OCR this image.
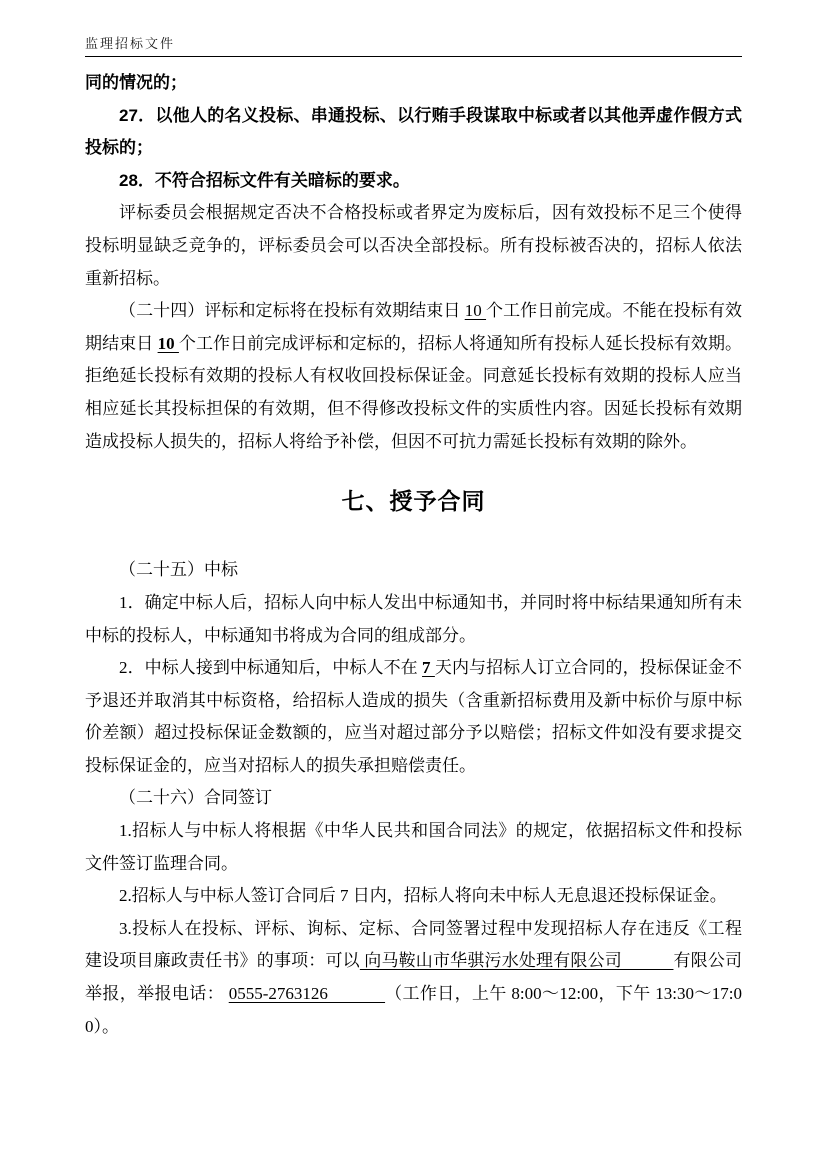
监理招标文件

同的情况的；

27．以他人的名义投标、串通投标、以行贿手段谋取中标或者以其他弄虚作假方式投标的；

28．不符合招标文件有关暗标的要求。

评标委员会根据规定否决不合格投标或者界定为废标后，因有效投标不足三个使得投标明显缺乏竞争的，评标委员会可以否决全部投标。所有投标被否决的，招标人依法重新招标。

（二十四）评标和定标将在投标有效期结束日 10 个工作日前完成。不能在投标有效期结束日 10 个工作日前完成评标和定标的，招标人将通知所有投标人延长投标有效期。拒绝延长投标有效期的投标人有权收回投标保证金。同意延长投标有效期的投标人应当相应延长其投标担保的有效期，但不得修改投标文件的实质性内容。因延长投标有效期造成投标人损失的，招标人将给予补偿，但因不可抗力需延长投标有效期的除外。

七、授予合同

（二十五）中标

1．确定中标人后，招标人向中标人发出中标通知书，并同时将中标结果通知所有未中标的投标人，中标通知书将成为合同的组成部分。

2．中标人接到中标通知后，中标人不在 7 天内与招标人订立合同的，投标保证金不予退还并取消其中标资格，给招标人造成的损失（含重新招标费用及新中标价与原中标价差额）超过投标保证金数额的，应当对超过部分予以赔偿；招标文件如没有要求提交投标保证金的，应当对招标人的损失承担赔偿责任。

（二十六）合同签订

1.招标人与中标人将根据《中华人民共和国合同法》的规定，依据招标文件和投标文件签订监理合同。

2.招标人与中标人签订合同后 7 日内，招标人将向未中标人无息退还投标保证金。

3.投标人在投标、评标、询标、定标、合同签署过程中发现招标人存在违反《工程建设项目廉政责任书》的事项：可以 向马鞍山市华骐污水处理有限公司　　　有限公司举报，举报电话： 0555-2763126　　　 （工作日，上午 8:00～12:00，下午 13:30～17:00）。
